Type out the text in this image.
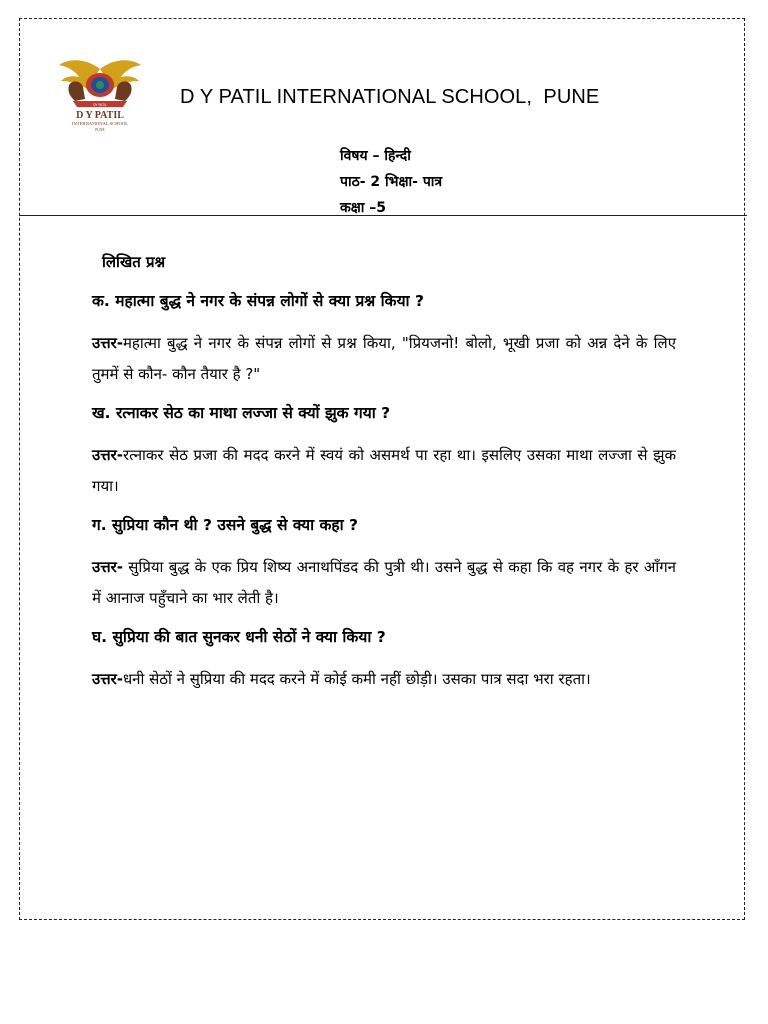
DY PATIL
D Y PATIL
INTERNATIONAL SCHOOL
PUNE
D Y PATIL INTERNATIONAL SCHOOL,  PUNE
विषय – हिन्दी
पाठ- 2 भिक्षा- पात्र
कक्षा –5
लिखित प्रश्न
क. महात्मा बुद्ध ने नगर के संपन्न लोगों से क्या प्रश्न किया ?
उत्तर-महात्मा बुद्ध ने नगर के संपन्न लोगों से प्रश्न किया, "प्रियजनो! बोलो, भूखी प्रजा को अन्न देने के लिए तुममें से कौन- कौन तैयार है ?"
ख. रत्नाकर सेठ का माथा लज्जा से क्यों झुक गया ?
उत्तर-रत्नाकर सेठ प्रजा की मदद करने में स्वयं को असमर्थ पा रहा था। इसलिए उसका माथा लज्जा से झुक गया।
ग. सुप्रिया कौन थी ? उसने बुद्ध से क्या कहा ?
उत्तर- सुप्रिया बुद्ध के एक प्रिय शिष्य अनाथपिंडद की पुत्री थी। उसने बुद्ध से कहा कि वह नगर के हर आँगन में आनाज पहुँचाने का भार लेती है।
घ. सुप्रिया की बात सुनकर धनी सेठों ने क्या किया ?
उत्तर-धनी सेठों ने सुप्रिया की मदद करने में कोई कमी नहीं छोड़ी। उसका पात्र सदा भरा रहता।
